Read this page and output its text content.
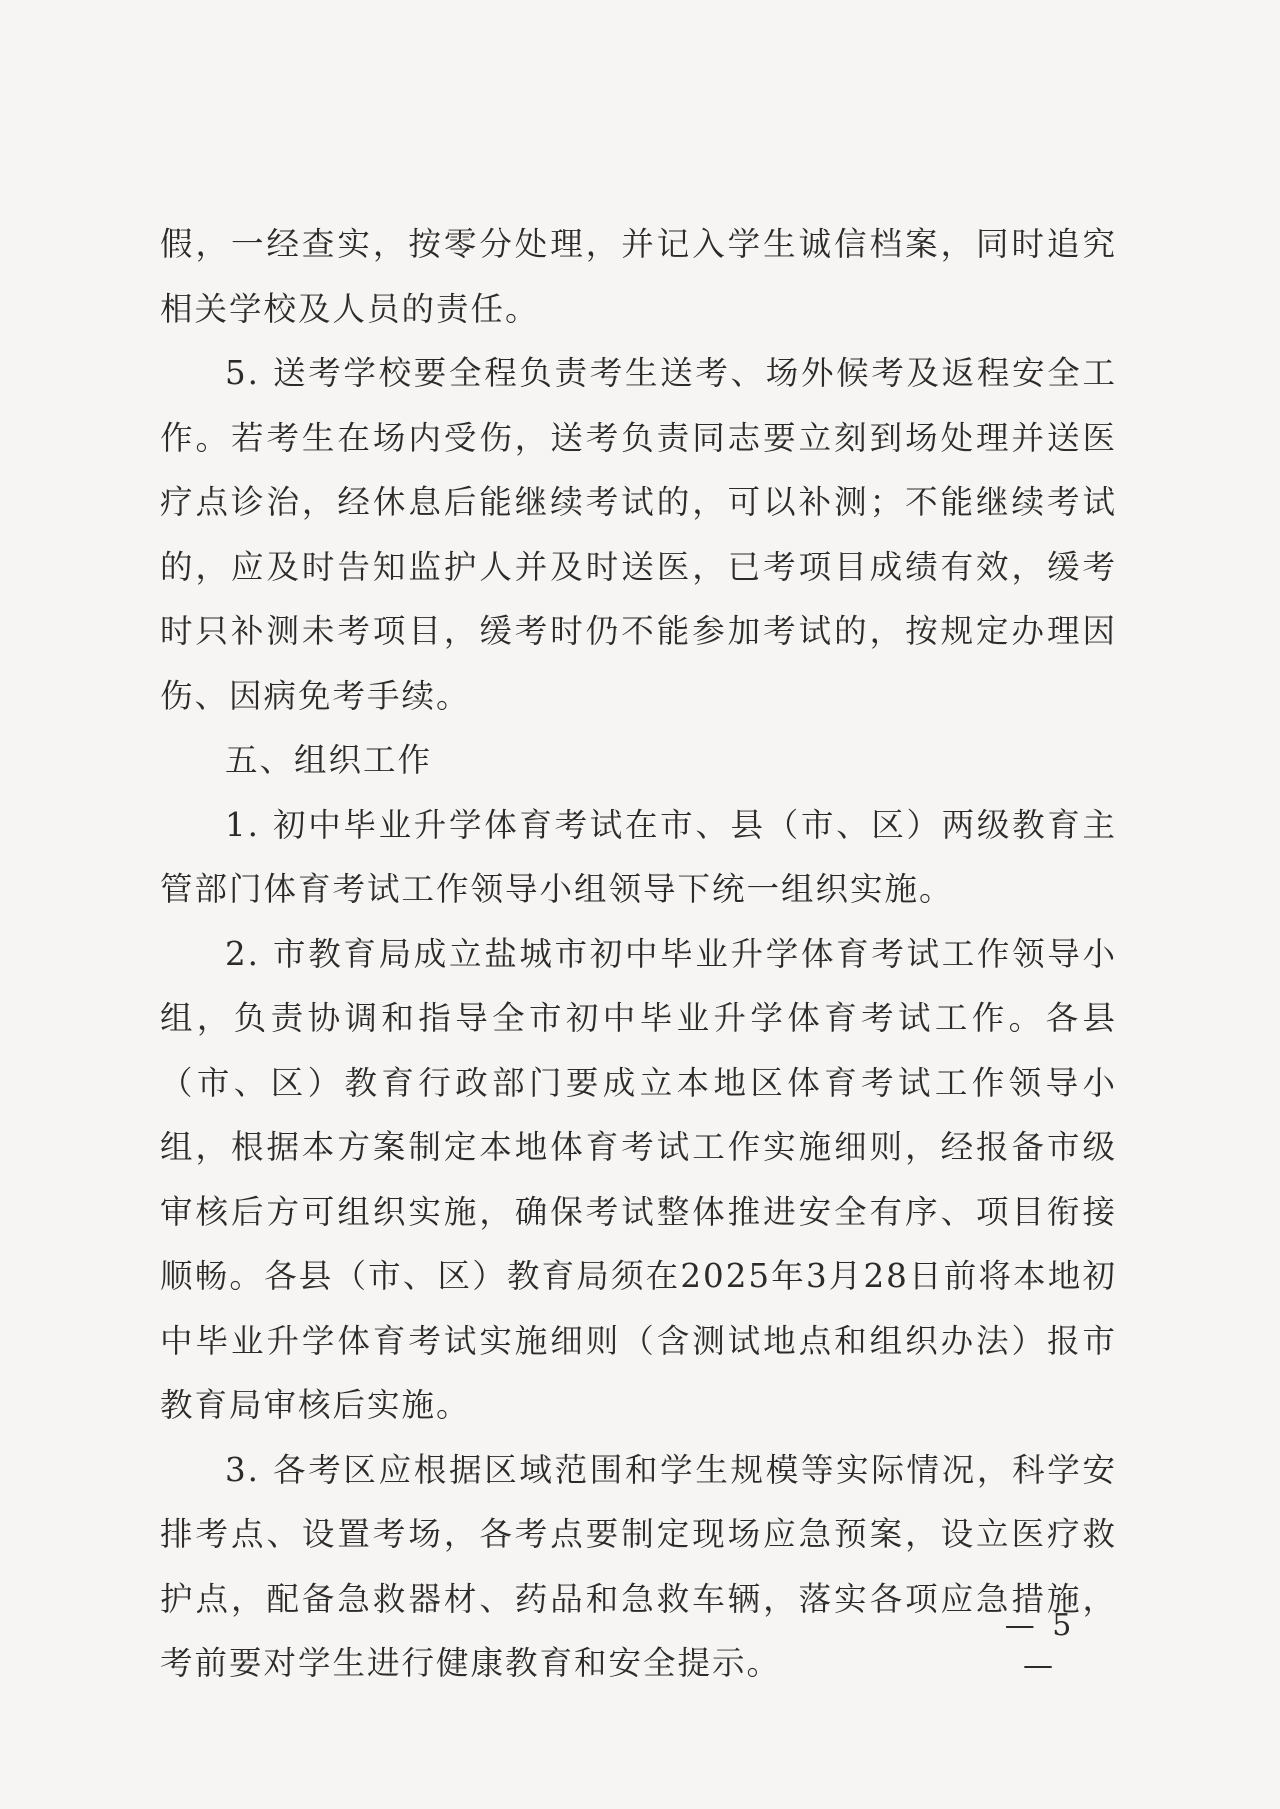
假，一经查实，按零分处理，并记入学生诚信档案，同时追究相关学校及人员的责任。

5. 送考学校要全程负责考生送考、场外候考及返程安全工作。若考生在场内受伤，送考负责同志要立刻到场处理并送医疗点诊治，经休息后能继续考试的，可以补测；不能继续考试的，应及时告知监护人并及时送医，已考项目成绩有效，缓考时只补测未考项目，缓考时仍不能参加考试的，按规定办理因伤、因病免考手续。

五、组织工作

1. 初中毕业升学体育考试在市、县（市、区）两级教育主管部门体育考试工作领导小组领导下统一组织实施。

2. 市教育局成立盐城市初中毕业升学体育考试工作领导小组，负责协调和指导全市初中毕业升学体育考试工作。各县（市、区）教育行政部门要成立本地区体育考试工作领导小组，根据本方案制定本地体育考试工作实施细则，经报备市级审核后方可组织实施，确保考试整体推进安全有序、项目衔接顺畅。各县（市、区）教育局须在2025年3月28日前将本地初中毕业升学体育考试实施细则（含测试地点和组织办法）报市教育局审核后实施。

3. 各考区应根据区域范围和学生规模等实际情况，科学安排考点、设置考场，各考点要制定现场应急预案，设立医疗救护点，配备急救器材、药品和急救车辆，落实各项应急措施，考前要对学生进行健康教育和安全提示。

— 5 —
